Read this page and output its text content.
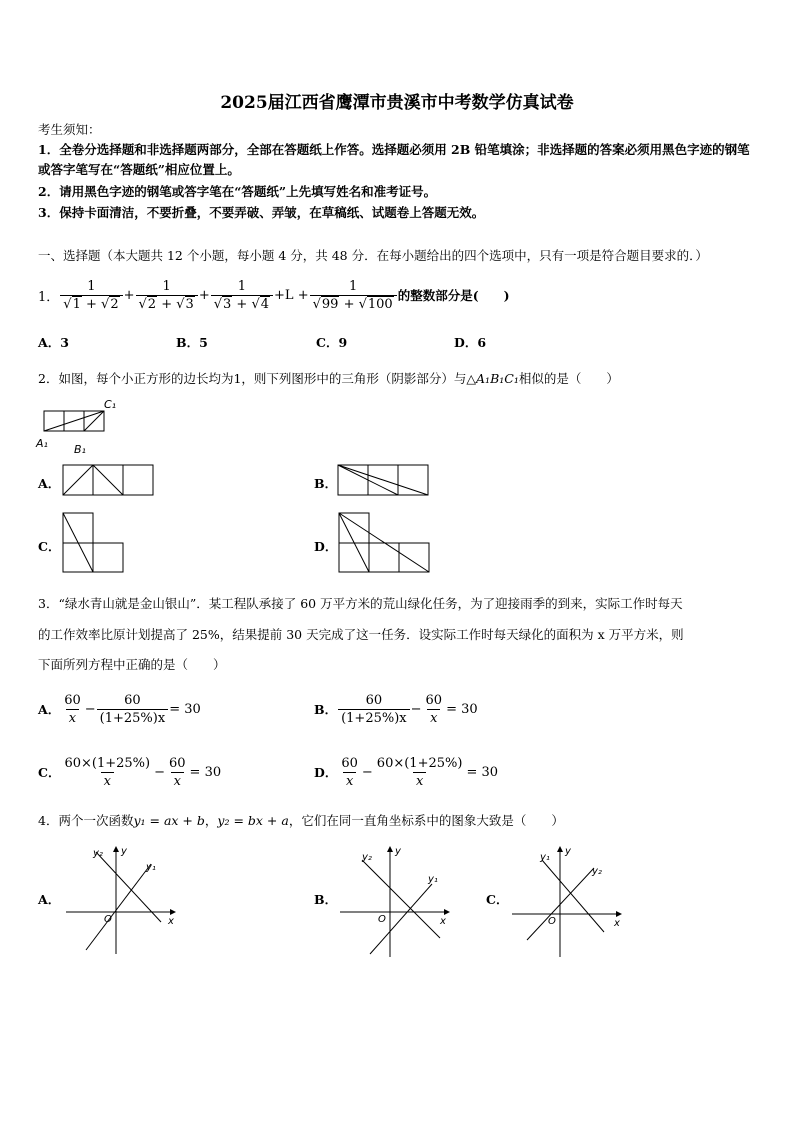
2025届江西省鹰潭市贵溪市中考数学仿真试卷
考生须知：
1．全卷分选择题和非选择题两部分，全部在答题纸上作答。选择题必须用 2B 铅笔填涂；非选择题的答案必须用黑色字迹的钢笔或答字笔写在“答题纸”相应位置上。
2．请用黑色字迹的钢笔或答字笔在“答题纸”上先填写姓名和准考证号。
3．保持卡面清洁，不要折叠，不要弄破、弄皱，在草稿纸、试题卷上答题无效。
一、选择题（本大题共 12 个小题，每小题 4 分，共 48 分．在每小题给出的四个选项中，只有一项是符合题目要求的．）
1． $\frac{1}{√1 + √2} + \frac{1}{√2 + √3} + \frac{1}{√3 + √4} +L + \frac{1}{√99 + √100}$ 的整数部分是(　　)
A．3	B．5	C．9	D．6
2．如图，每个小正方形的边长均为1，则下列图形中的三角形（阴影部分）与△A₁B₁C₁相似的是（　　）
C₁
A₁ B₁
A．	B．
C．	D．
3．“绿水青山就是金山银山”．某工程队承接了 60 万平方米的荒山绿化任务，为了迎接雨季的到来，实际工作时每天
的工作效率比原计划提高了 25%，结果提前 30 天完成了这一任务．设实际工作时每天绿化的面积为 x 万平方米，则
下面所列方程中正确的是（　　）
A． $\frac{60}{x} - \frac{60}{(1+25\%)x} = 30$	B． $\frac{60}{(1+25\%)x} - \frac{60}{x} = 30$
C． $\frac{60\times(1+25\%)}{x} - \frac{60}{x} = 30$	D． $\frac{60}{x} - \frac{60\times(1+25\%)}{x} = 30$
4．两个一次函数y₁ = ax + b，y₂ = bx + a，它们在同一直角坐标系中的图象大致是（　　）
A．
y
y₂
y₁
O	x
B．
y
y₂
y₁
O	x
C．
y
y₁
y₂
O	x
